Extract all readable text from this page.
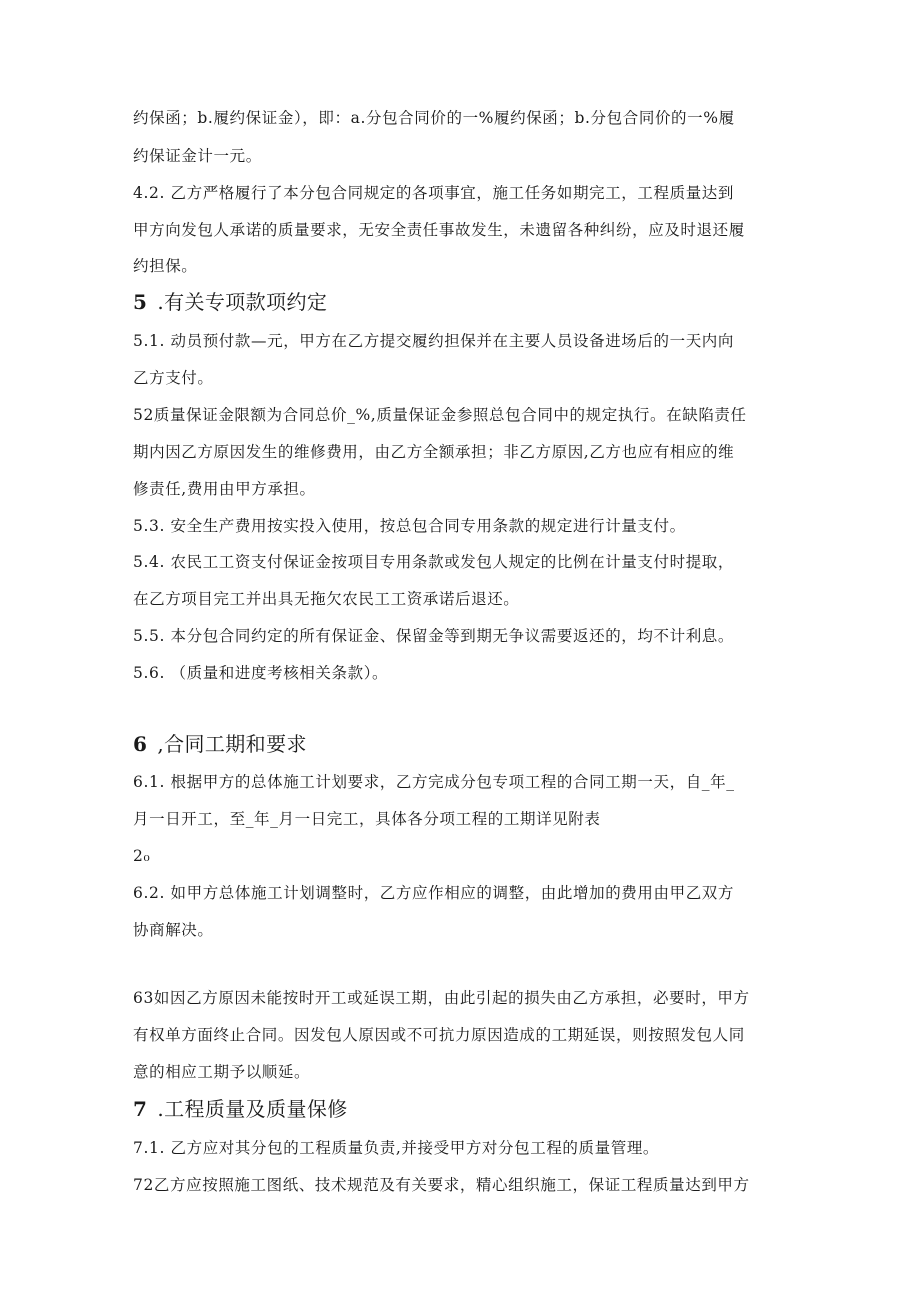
约保函；b.履约保证金），即：a.分包合同价的一%履约保函；b.分包合同价的一%履
约保证金计一元。
4.2. 乙方严格履行了本分包合同规定的各项事宜，施工任务如期完工，工程质量达到
甲方向发包人承诺的质量要求，无安全责任事故发生，未遗留各种纠纷，应及时退还履
约担保。
5 .有关专项款项约定
5.1. 动员预付款—元，甲方在乙方提交履约担保并在主要人员设备进场后的一天内向
乙方支付。
52质量保证金限额为合同总价_%,质量保证金参照总包合同中的规定执行。在缺陷责任
期内因乙方原因发生的维修费用，由乙方全额承担；非乙方原因,乙方也应有相应的维
修责任,费用由甲方承担。
5.3. 安全生产费用按实投入使用，按总包合同专用条款的规定进行计量支付。
5.4. 农民工工资支付保证金按项目专用条款或发包人规定的比例在计量支付时提取，
在乙方项目完工并出具无拖欠农民工工资承诺后退还。
5.5. 本分包合同约定的所有保证金、保留金等到期无争议需要返还的，均不计利息。
5.6. （质量和进度考核相关条款）。
6 ,合同工期和要求
6.1. 根据甲方的总体施工计划要求，乙方完成分包专项工程的合同工期一天，自_年_
月一日开工，至_年_月一日完工，具体各分项工程的工期详见附表
2₀
6.2. 如甲方总体施工计划调整时，乙方应作相应的调整，由此增加的费用由甲乙双方
协商解决。
63如因乙方原因未能按时开工或延误工期，由此引起的损失由乙方承担，必要时，甲方
有权单方面终止合同。因发包人原因或不可抗力原因造成的工期延误，则按照发包人同
意的相应工期予以顺延。
7 .工程质量及质量保修
7.1. 乙方应对其分包的工程质量负责,并接受甲方对分包工程的质量管理。
72乙方应按照施工图纸、技术规范及有关要求，精心组织施工，保证工程质量达到甲方
